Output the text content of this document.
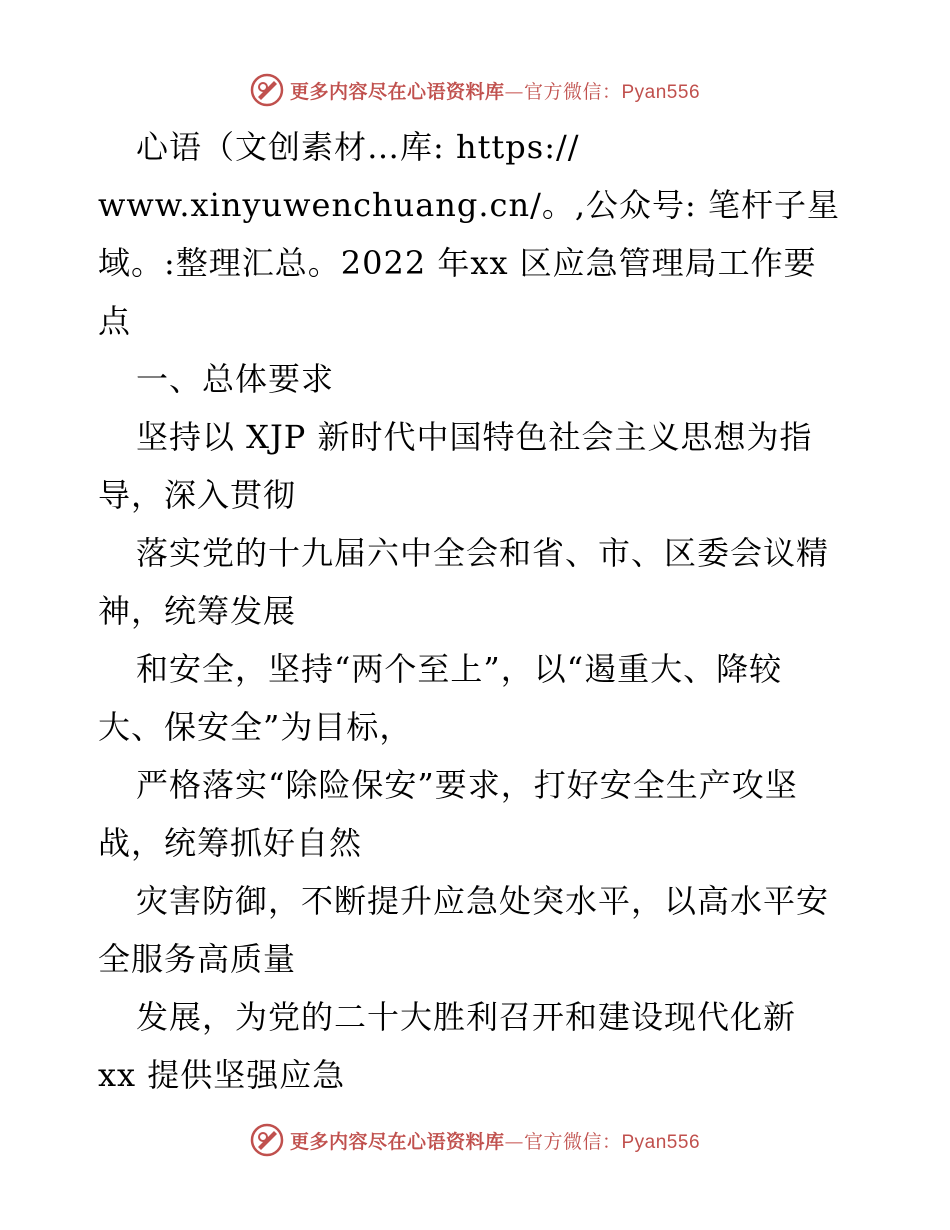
更多内容尽在心语资料库—官方微信：Pyan556

心语（文创素材…库: https://
www.xinyuwenchuang.cn/。,公众号: 笔杆子星
域。:整理汇总。2022 年xx 区应急管理局工作要
点

一、总体要求

坚持以 XJP 新时代中国特色社会主义思想为指
导，深入贯彻

落实党的十九届六中全会和省、市、区委会议精
神，统筹发展

和安全，坚持“两个至上”，以“遏重大、降较
大、保安全”为目标，

严格落实“除险保安”要求，打好安全生产攻坚
战，统筹抓好自然

灾害防御，不断提升应急处突水平，以高水平安
全服务高质量

发展，为党的二十大胜利召开和建设现代化新
xx 提供坚强应急

更多内容尽在心语资料库—官方微信：Pyan556
